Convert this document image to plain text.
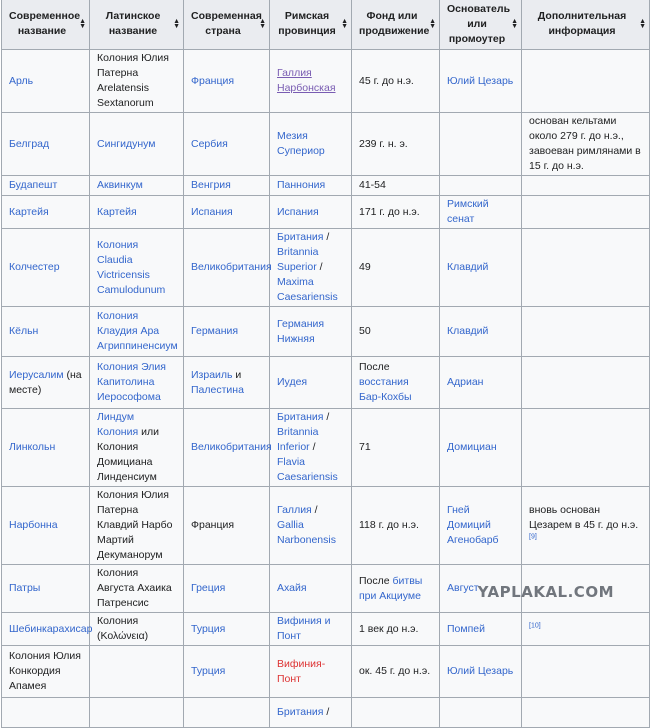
Современное
название
▲
▼	Латинское
название
▲
▼	Современная
страна
▲
▼	Римская
провинция
▲
▼	Фонд или
продвижение
▲
▼	Основатель
или
промоутер
▲
▼	Дополнительная
информация
▲
▼

Арль	Колония Юлия Патерна Arelatensis Sextanorum	Франция	Галлия Нарбонская	45 г. до н.э.	Юлий Цезарь	
Белград	Сингидунум	Сербия	Мезия Супериор	239 г. н. э.		основан кельтами около 279 г. до н.э., завоеван римлянами в 15 г. до н.э.
Будапешт	Аквинкум	Венгрия	Паннония	41-54		
Картейя	Картейя	Испания	Испания	171 г. до н.э.	Римский сенат	
Колчестер	Колония Claudia Victricensis Camulodunum	Великобритания	Британия / Britannia Superior / Maxima Caesariensis	49	Клавдий	
Кёльн	Колония Клаудия Ара Агриппиненсиум	Германия	Германия Нижняя	50	Клавдий	
Иерусалим (на месте)	Колония Элия Капитолина Иерософома	Израиль и Палестина	Иудея	После восстания Бар-Кохбы	Адриан	
Линкольн	Линдум Колония или Колония Домициана Линденсиум	Великобритания	Британия / Britannia Inferior / Flavia Caesariensis	71	Домициан	
Нарбонна	Колония Юлия Патерна Клавдий Нарбо Мартий Декуманорум	Франция	Галлия / Gallia Narbonensis	118 г. до н.э.	Гней Домиций Агенобарб	вновь основан Цезарем в 45 г. до н.э. [9]
Патры	Колония Августа Ахаика Патренсис	Греция	Ахайя	После битвы при Акциуме	Август	
Шебинкарахисар	Колония (Κολώνεια)	Турция	Вифиния и Понт	1 век до н.э.	Помпей	[10]
Колония Юлия Конкордия Апамея		Турция	Вифиния-Понт	ок. 45 г. до н.э.	Юлий Цезарь	
			Британия /			
YAPLAKAL.COM
